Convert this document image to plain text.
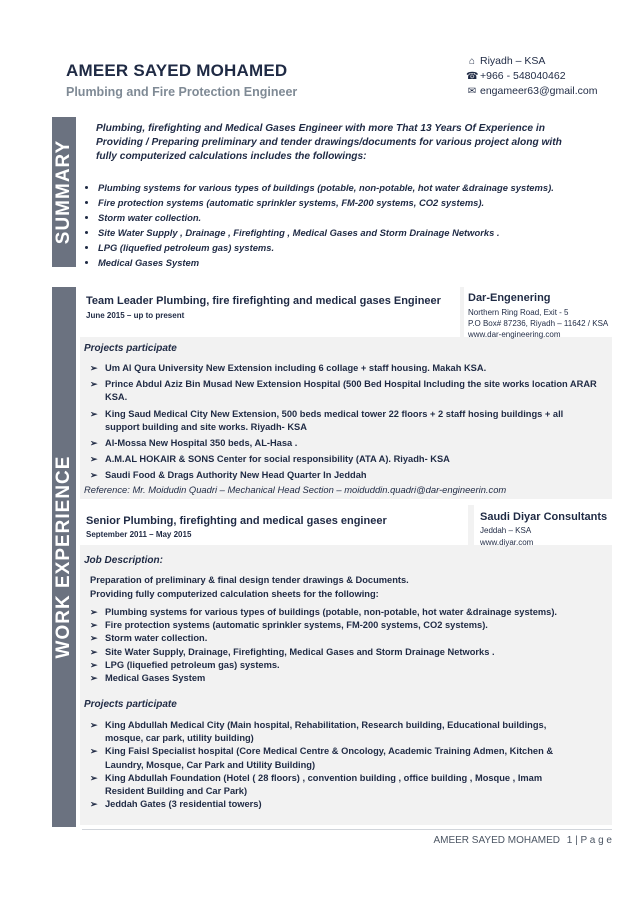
AMEER SAYED MOHAMED
Plumbing and Fire Protection Engineer
⌂ Riyadh – KSA
☎ +966 - 548040462
✉ engameer63@gmail.com
SUMMARY
Plumbing, firefighting and Medical Gases Engineer with more That 13 Years Of Experience in Providing / Preparing preliminary and tender drawings/documents for various project along with fully computerized calculations includes the followings:
• Plumbing systems for various types of buildings (potable, non-potable, hot water &drainage systems).
• Fire protection systems (automatic sprinkler systems, FM-200 systems, CO2 systems).
• Storm water collection.
• Site Water Supply , Drainage , Firefighting , Medical Gases and Storm Drainage Networks .
• LPG (liquefied petroleum gas) systems.
• Medical Gases System
WORK EXPERIENCE
Team Leader Plumbing, fire firefighting and medical gases Engineer
June 2015 – up to present
Dar-Engenering
Northern Ring Road, Exit - 5
P.O Box# 87236, Riyadh – 11642 / KSA
www.dar-engineering.com
Projects participate
➢ Um Al Qura University New Extension including 6 collage + staff housing. Makah KSA.
➢ Prince Abdul Aziz Bin Musad New Extension Hospital (500 Bed Hospital Including the site works location ARAR KSA.
➢ King Saud Medical City New Extension, 500 beds medical tower 22 floors + 2 staff hosing buildings + all support building and site works. Riyadh- KSA
➢ Al-Mossa New Hospital 350 beds, AL-Hasa .
➢ A.M.AL HOKAIR & SONS Center for social responsibility (ATA A). Riyadh- KSA
➢ Saudi Food & Drags Authority New Head Quarter In Jeddah
Reference: Mr. Moidudin Quadri – Mechanical Head Section – moiduddin.quadri@dar-engineerin.com
Senior Plumbing, firefighting and medical gases engineer
September 2011 – May 2015
Saudi Diyar Consultants
Jeddah – KSA
www.diyar.com
Job Description:
Preparation of preliminary & final design tender drawings & Documents.
Providing fully computerized calculation sheets for the following:
➢ Plumbing systems for various types of buildings (potable, non-potable, hot water &drainage systems).
➢ Fire protection systems (automatic sprinkler systems, FM-200 systems, CO2 systems).
➢ Storm water collection.
➢ Site Water Supply, Drainage, Firefighting, Medical Gases and Storm Drainage Networks .
➢ LPG (liquefied petroleum gas) systems.
➢ Medical Gases System
Projects participate
➢ King Abdullah Medical City (Main hospital, Rehabilitation, Research building, Educational buildings, mosque, car park, utility building)
➢ King Faisl Specialist hospital (Core Medical Centre & Oncology, Academic Training Admen, Kitchen & Laundry, Mosque, Car Park and Utility Building)
➢ King Abdullah Foundation (Hotel ( 28 floors) , convention building , office building , Mosque , Imam Resident Building and Car Park)
➢ Jeddah Gates (3 residential towers)
AMEER SAYED MOHAMED 1 | P a g e
